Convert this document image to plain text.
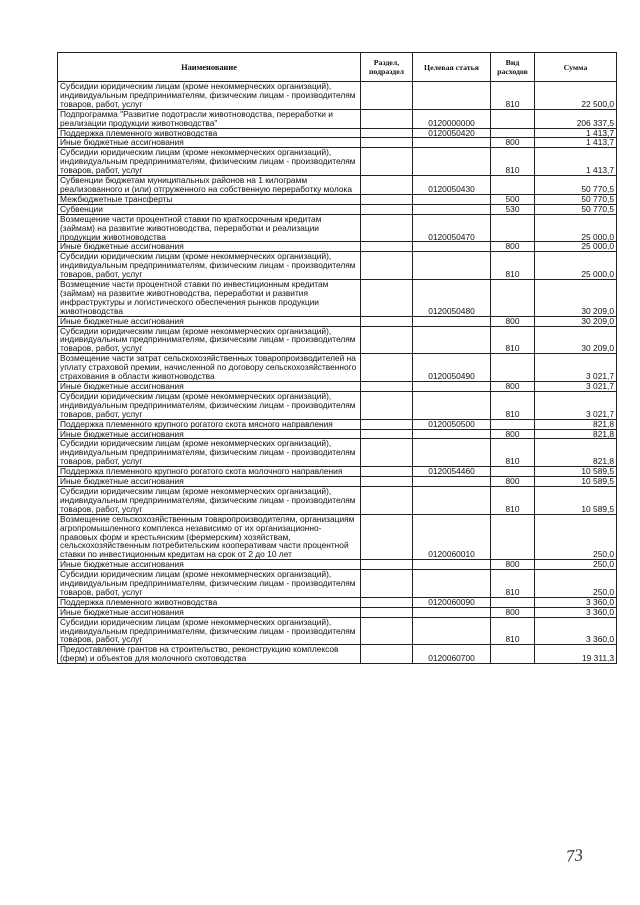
Наименование	Раздел, подраздел	Целевая статья	Вид расходов	Сумма
Субсидии юридическим лицам (кроме некоммерческих организаций), индивидуальным предпринимателям, физическим лицам - производителям товаров, работ, услуг			810	22 500,0
Подпрограмма "Развитие подотрасли животноводства, переработки и реализации продукции животноводства"		0120000000		206 337,5
Поддержка племенного животноводства		0120050420		1 413,7
Иные бюджетные ассигнования			800	1 413,7
Субсидии юридическим лицам (кроме некоммерческих организаций), индивидуальным предпринимателям, физическим лицам - производителям товаров, работ, услуг			810	1 413,7
Субвенции бюджетам муниципальных районов на 1 килограмм реализованного и (или) отгруженного на собственную переработку молока		0120050430		50 770,5
Межбюджетные трансферты			500	50 770,5
Субвенции			530	50 770,5
Возмещение части процентной ставки по краткосрочным кредитам (займам) на развитие животноводства, переработки и реализации продукции животноводства		0120050470		25 000,0
Иные бюджетные ассигнования			800	25 000,0
Субсидии юридическим лицам (кроме некоммерческих организаций), индивидуальным предпринимателям, физическим лицам - производителям товаров, работ, услуг			810	25 000,0
Возмещение части процентной ставки по инвестиционным кредитам (займам) на развитие животноводства, переработки и развития инфраструктуры и логистического обеспечения рынков продукции животноводства		0120050480		30 209,0
Иные бюджетные ассигнования			800	30 209,0
Субсидии юридическим лицам (кроме некоммерческих организаций), индивидуальным предпринимателям, физическим лицам - производителям товаров, работ, услуг			810	30 209,0
Возмещение части затрат сельскохозяйственных товаропроизводителей на уплату страховой премии, начисленной по договору сельскохозяйственного страхования в области животноводства		0120050490		3 021,7
Иные бюджетные ассигнования			800	3 021,7
Субсидии юридическим лицам (кроме некоммерческих организаций), индивидуальным предпринимателям, физическим лицам - производителям товаров, работ, услуг			810	3 021,7
Поддержка племенного крупного рогатого скота мясного направления		0120050500		821,8
Иные бюджетные ассигнования			800	821,8
Субсидии юридическим лицам (кроме некоммерческих организаций), индивидуальным предпринимателям, физическим лицам - производителям товаров, работ, услуг			810	821,8
Поддержка племенного крупного рогатого скота молочного направления		0120054460		10 589,5
Иные бюджетные ассигнования			800	10 589,5
Субсидии юридическим лицам (кроме некоммерческих организаций), индивидуальным предпринимателям, физическим лицам - производителям товаров, работ, услуг			810	10 589,5
Возмещение сельскохозяйственным товаропроизводителям, организациям агропромышленного комплекса независимо от их организационно-правовых форм и крестьянским (фермерским) хозяйствам, сельскохозяйственным потребительским кооперативам части процентной ставки по инвестиционным кредитам на срок от 2 до 10 лет		0120060010		250,0
Иные бюджетные ассигнования			800	250,0
Субсидии юридическим лицам (кроме некоммерческих организаций), индивидуальным предпринимателям, физическим лицам - производителям товаров, работ, услуг			810	250,0
Поддержка племенного животноводства		0120060090		3 360,0
Иные бюджетные ассигнования			800	3 360,0
Субсидии юридическим лицам (кроме некоммерческих организаций), индивидуальным предпринимателям, физическим лицам - производителям товаров, работ, услуг			810	3 360,0
Предоставление грантов на строительство, реконструкцию комплексов (ферм) и объектов для молочного скотоводства		0120060700		19 311,3
73
